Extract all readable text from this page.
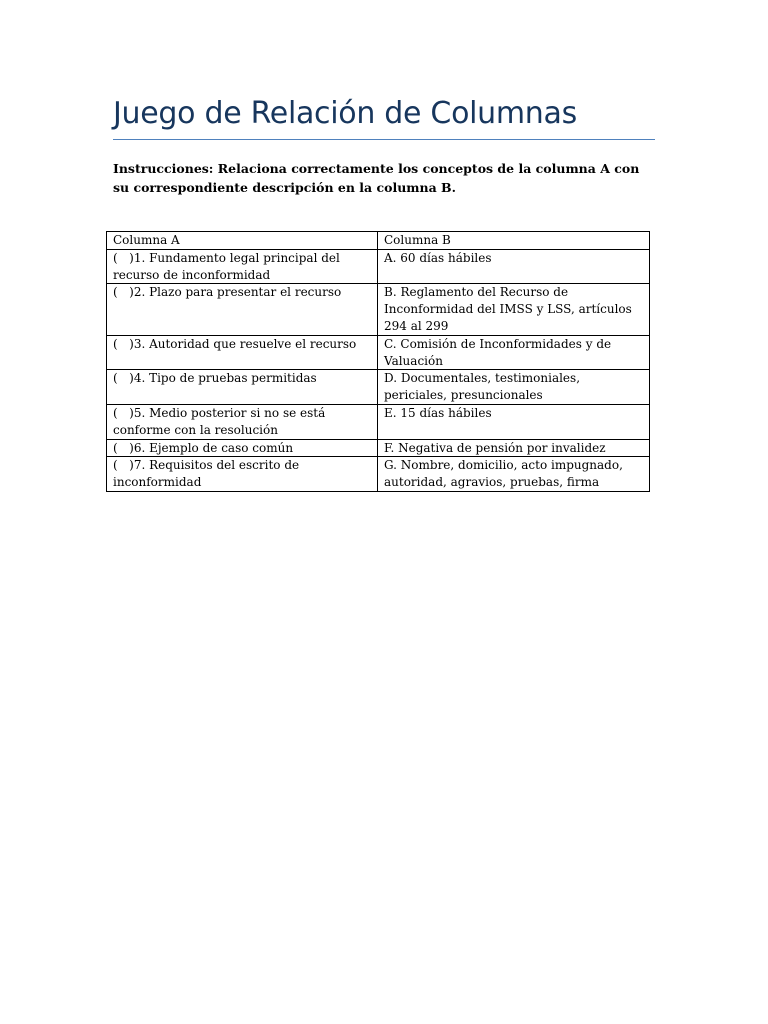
Juego de Relación de Columnas

Instrucciones: Relaciona correctamente los conceptos de la columna A con su correspondiente descripción en la columna B.

Columna A	Columna B
(   )1. Fundamento legal principal del recurso de inconformidad	A. 60 días hábiles
(   )2. Plazo para presentar el recurso	B. Reglamento del Recurso de Inconformidad del IMSS y LSS, artículos 294 al 299
(   )3. Autoridad que resuelve el recurso	C. Comisión de Inconformidades y de Valuación
(   )4. Tipo de pruebas permitidas	D. Documentales, testimoniales, periciales, presuncionales
(   )5. Medio posterior si no se está conforme con la resolución	E. 15 días hábiles
(   )6. Ejemplo de caso común	F. Negativa de pensión por invalidez
(   )7. Requisitos del escrito de inconformidad	G. Nombre, domicilio, acto impugnado, autoridad, agravios, pruebas, firma
